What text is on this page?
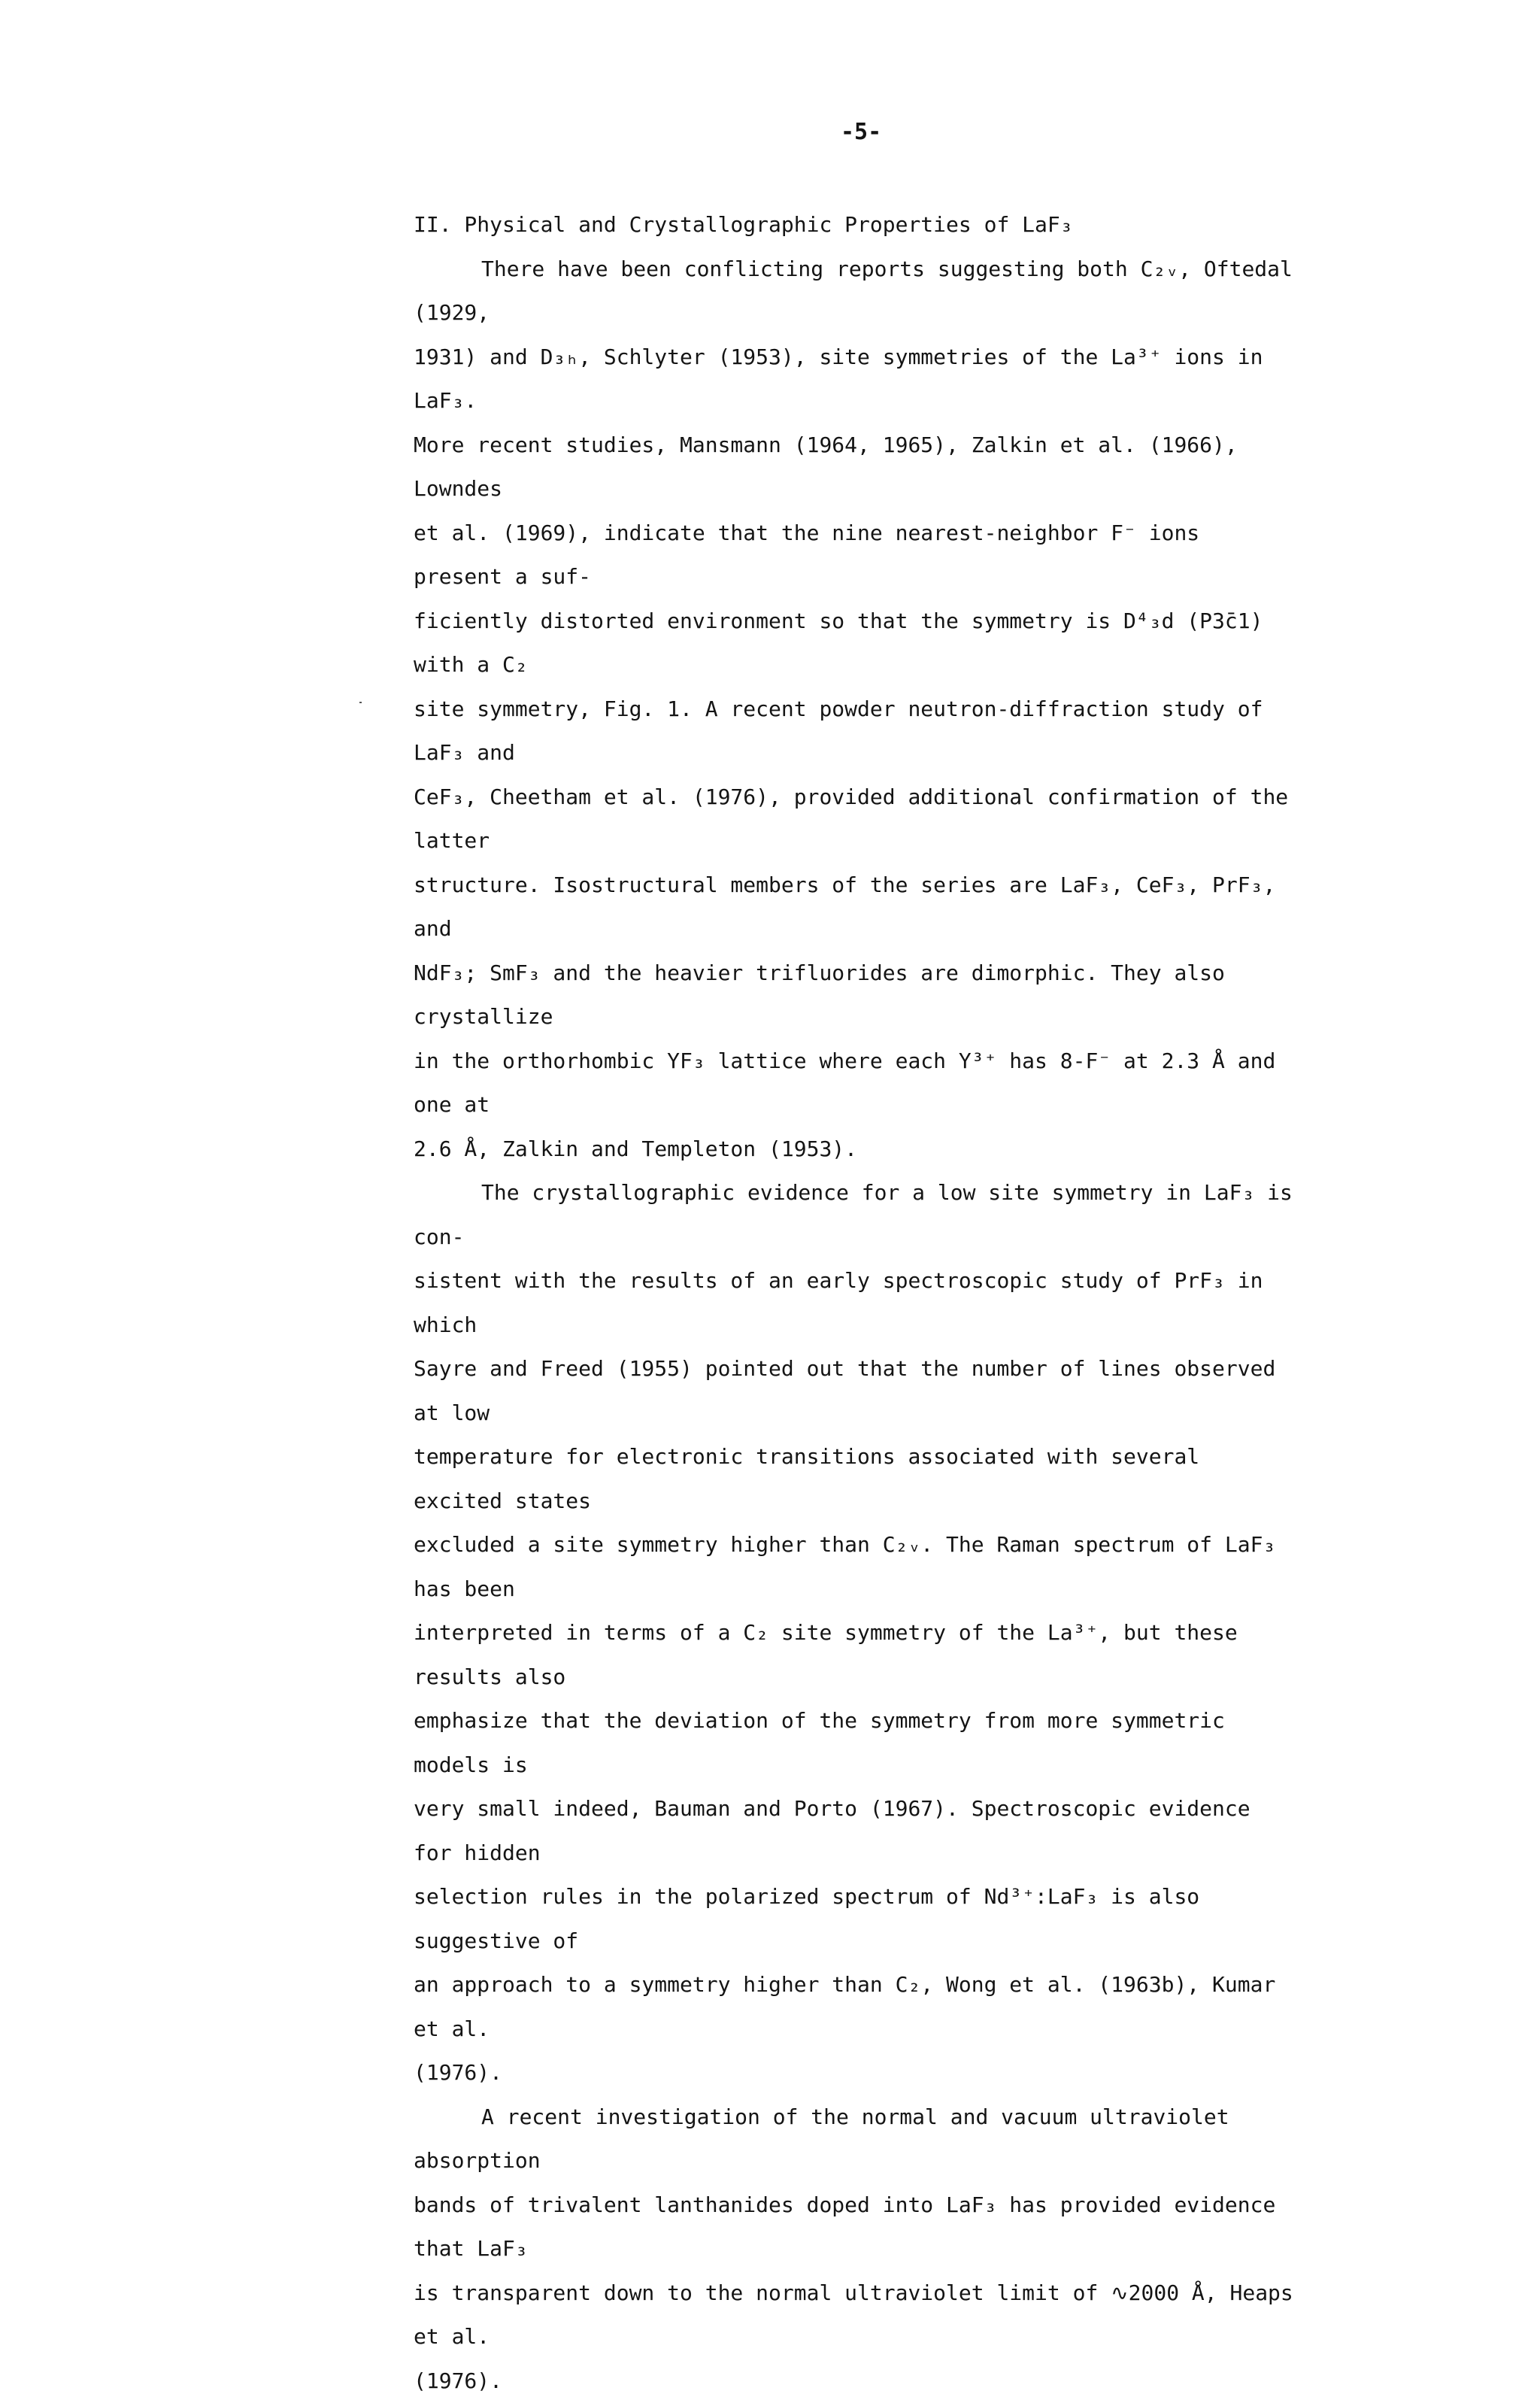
-5-
II. Physical and Crystallographic Properties of LaF₃

There have been conflicting reports suggesting both C₂ᵥ, Oftedal (1929,
1931) and D₃ₕ, Schlyter (1953), site symmetries of the La³⁺ ions in LaF₃.
More recent studies, Mansmann (1964, 1965), Zalkin et al. (1966), Lowndes
et al. (1969), indicate that the nine nearest-neighbor F⁻ ions present a suf-
ficiently distorted environment so that the symmetry is D⁴₃d (P3̄c1) with a C₂
site symmetry, Fig. 1. A recent powder neutron-diffraction study of LaF₃ and
CeF₃, Cheetham et al. (1976), provided additional confirmation of the latter
structure. Isostructural members of the series are LaF₃, CeF₃, PrF₃, and
NdF₃; SmF₃ and the heavier trifluorides are dimorphic. They also crystallize
in the orthorhombic YF₃ lattice where each Y³⁺ has 8-F⁻ at 2.3 Å and one at
2.6 Å, Zalkin and Templeton (1953).

The crystallographic evidence for a low site symmetry in LaF₃ is con-
sistent with the results of an early spectroscopic study of PrF₃ in which
Sayre and Freed (1955) pointed out that the number of lines observed at low
temperature for electronic transitions associated with several excited states
excluded a site symmetry higher than C₂ᵥ. The Raman spectrum of LaF₃ has been
interpreted in terms of a C₂ site symmetry of the La³⁺, but these results also
emphasize that the deviation of the symmetry from more symmetric models is
very small indeed, Bauman and Porto (1967). Spectroscopic evidence for hidden
selection rules in the polarized spectrum of Nd³⁺:LaF₃ is also suggestive of
an approach to a symmetry higher than C₂, Wong et al. (1963b), Kumar et al.
(1976).

A recent investigation of the normal and vacuum ultraviolet absorption
bands of trivalent lanthanides doped into LaF₃ has provided evidence that LaF₃
is transparent down to the normal ultraviolet limit of ∿2000 Å, Heaps et al.
(1976).
